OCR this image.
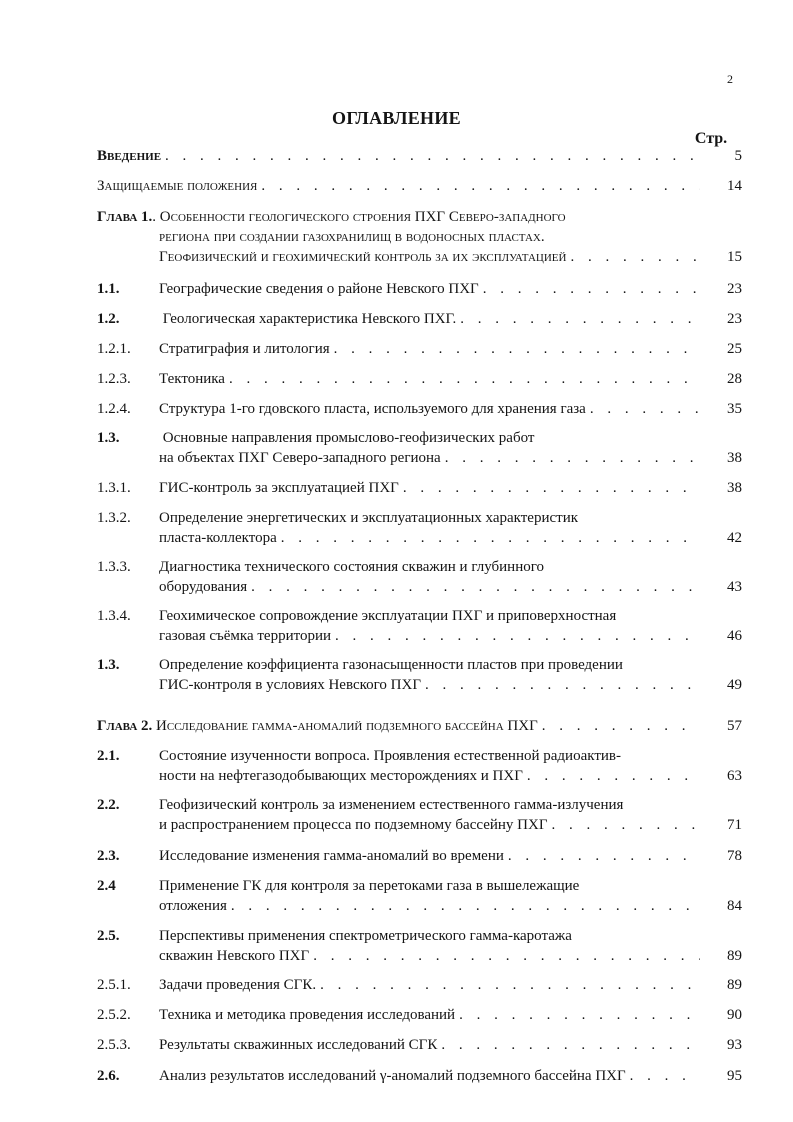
2
ОГЛАВЛЕНИЕ
Стр.
Введение . . .	5
Защищаемые положения . . .	14
Глава 1. . Особенности геологического строения ПХГ Северо-западного
региона при создании газохранилищ в водоносных пластах.
Геофизический и геохимический контроль за их эксплуатацией . . .	15
1.1.	Географические сведения о районе Невского ПХГ . . .	23
1.2.	Геологическая характеристика Невского ПХГ. . . .	23
1.2.1.	Стратиграфия и литология . . .	25
1.2.3.	Тектоника . . .	28
1.2.4.	Структура 1-го гдовского пласта, используемого для хранения газа . . .	35
1.3.	Основные направления промыслово-геофизических работ
на объектах ПХГ Северо-западного региона . . .	38
1.3.1.	ГИС-контроль за эксплуатацией ПХГ . . .	38
1.3.2.	Определение энергетических и эксплуатационных характеристик
пласта-коллектора . . .	42
1.3.3.	Диагностика технического состояния скважин и глубинного
оборудования . . .	43
1.3.4.	Геохимическое сопровождение эксплуатации ПХГ и приповерхностная
газовая съёмка территории . . .	46
1.3.	Определение коэффициента газонасыщенности пластов при проведении
ГИС-контроля в условиях Невского ПХГ . . .	49
Глава 2. Исследование гамма-аномалий подземного бассейна ПХГ . . .	57
2.1.	Состояние изученности вопроса. Проявления естественной радиоактив-
ности на нефтегазодобывающих месторождениях и ПХГ . . .	63
2.2.	Геофизический контроль за изменением естественного гамма-излучения
и распространением процесса по подземному бассейну ПХГ . . .	71
2.3.	Исследование изменения гамма-аномалий во времени . . .	78
2.4	Применение ГК для контроля за перетоками газа в вышележащие
отложения . . .	84
2.5.	Перспективы применения спектрометрического гамма-каротажа
скважин Невского ПХГ . . .	89
2.5.1.	Задачи проведения СГК. . . .	89
2.5.2.	Техника и методика проведения исследований . . .	90
2.5.3.	Результаты скважинных исследований СГК . . .	93
2.6.	Анализ результатов исследований γ-аномалий подземного бассейна ПХГ . . .	95
